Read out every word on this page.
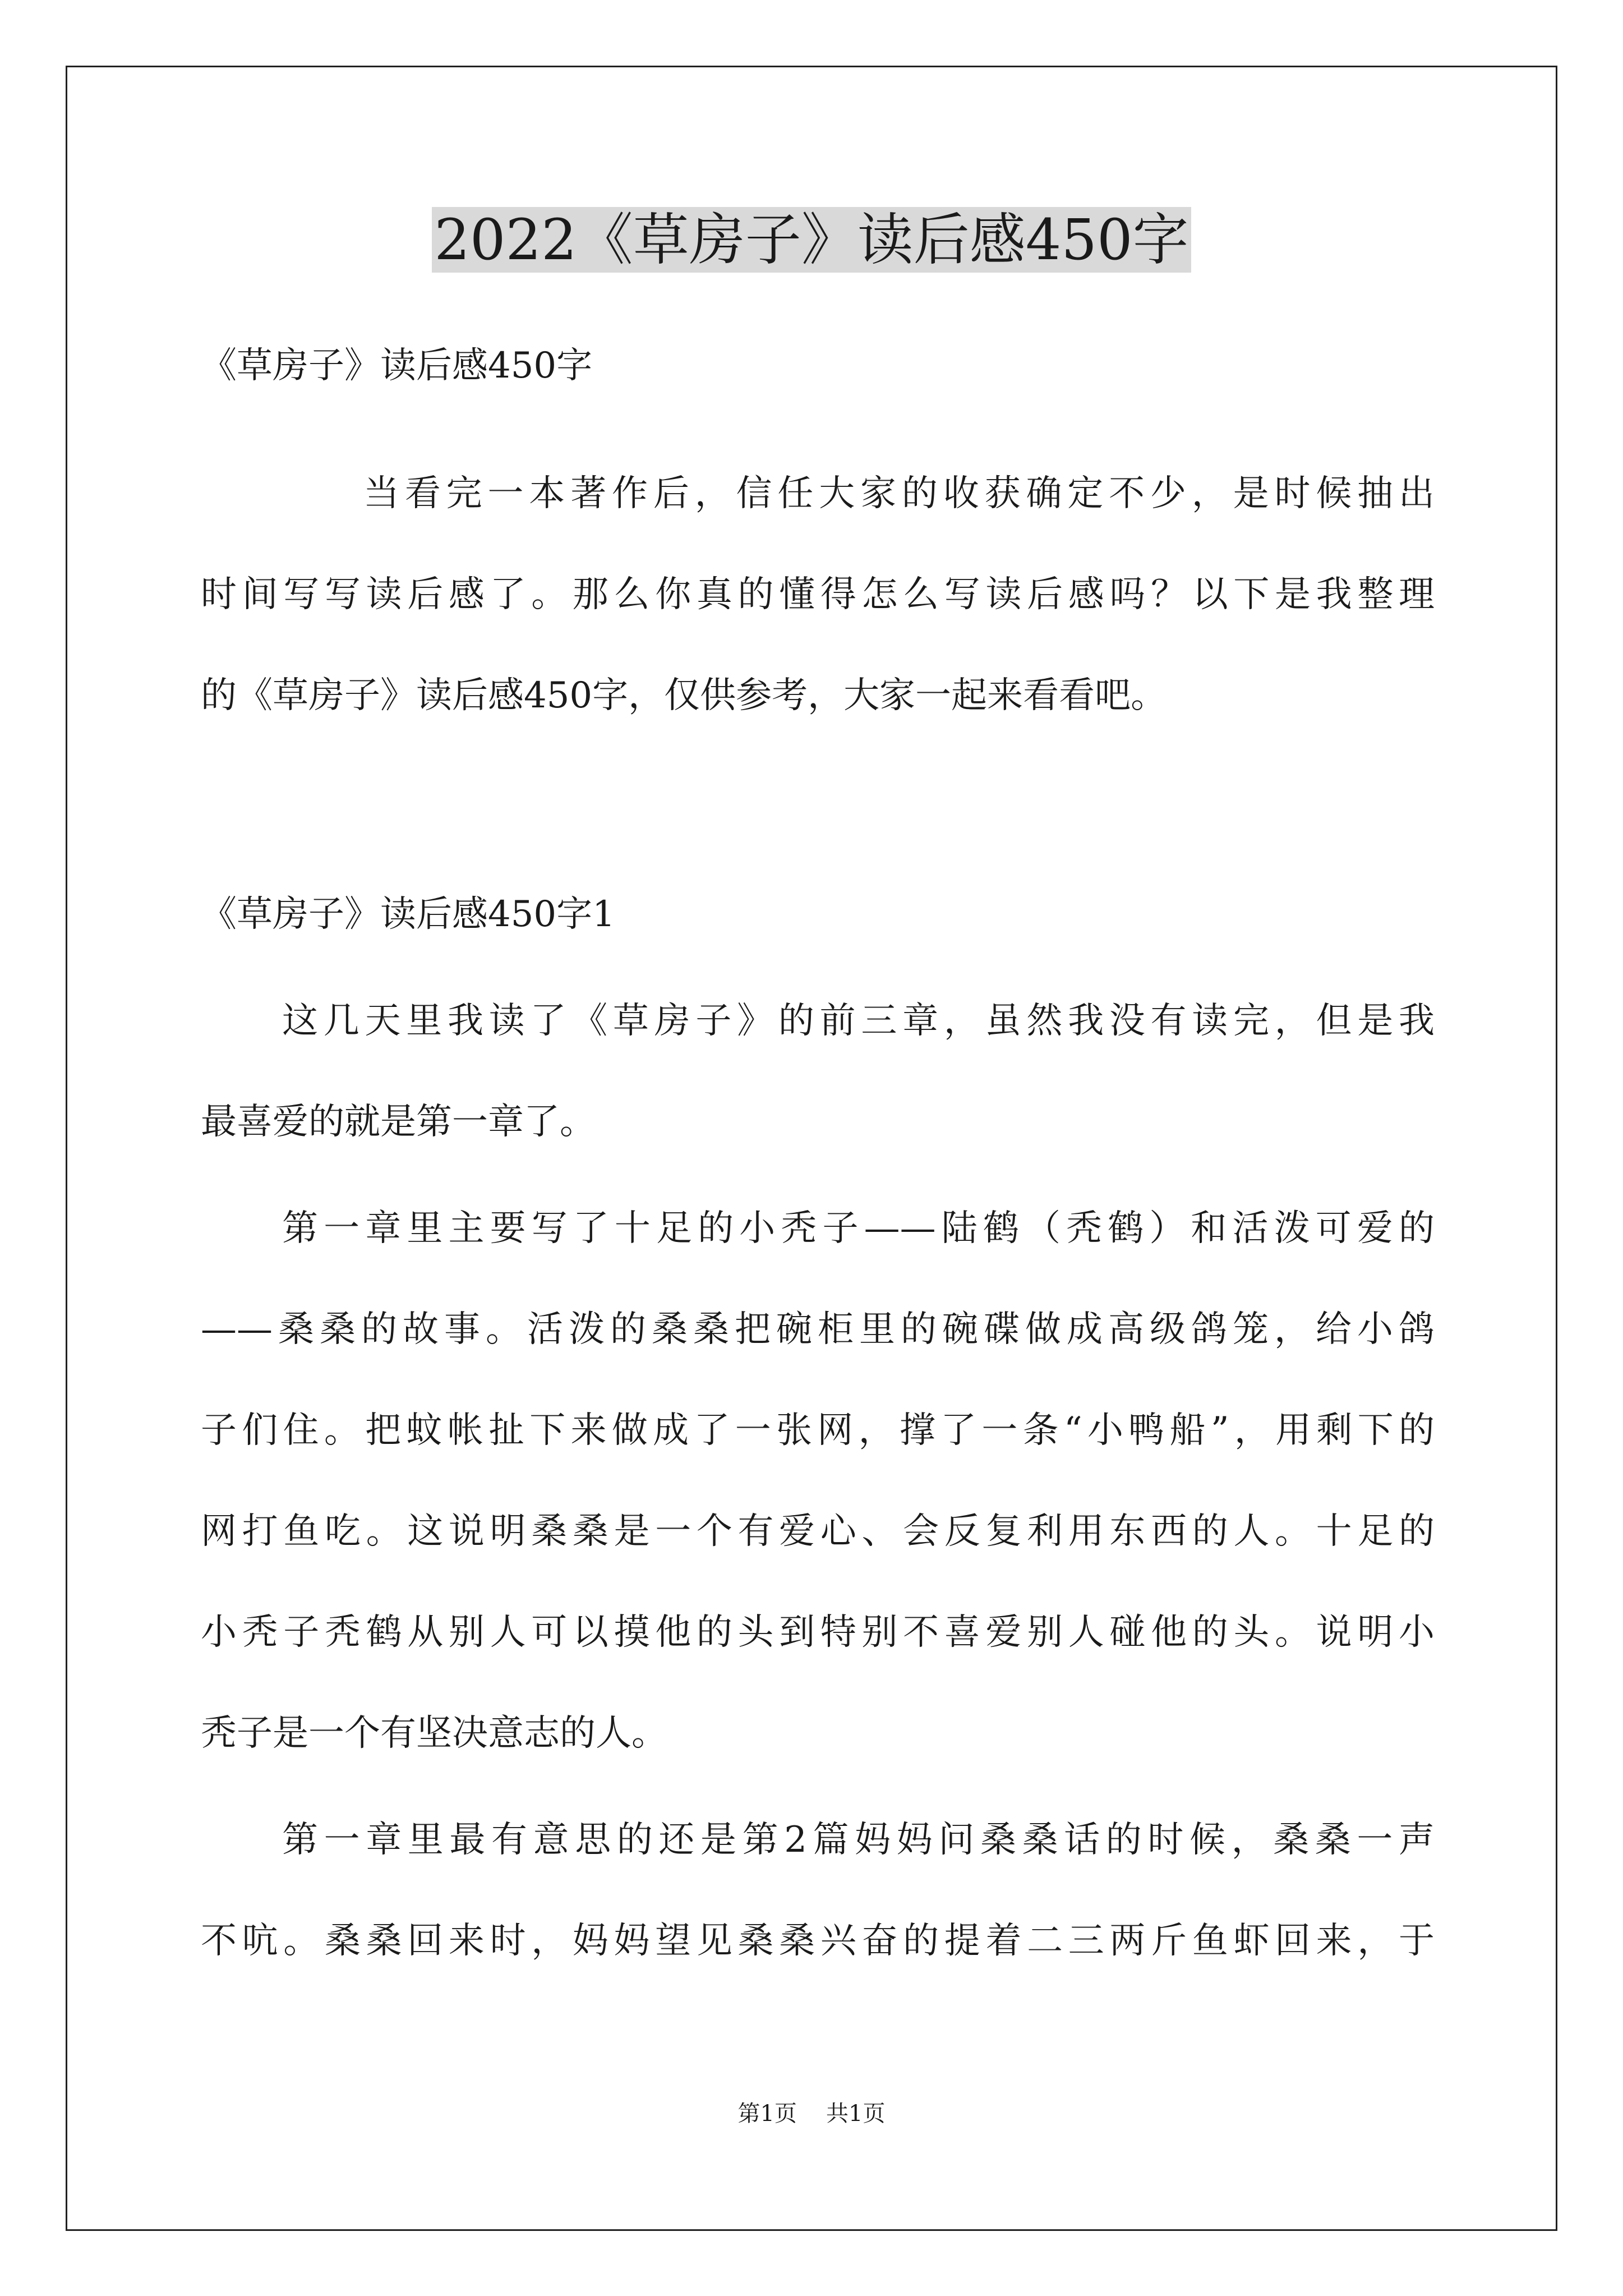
2022《草房子》读后感450字

《草房子》读后感450字

当看完一本著作后，信任大家的收获确定不少，是时候抽出

时间写写读后感了。那么你真的懂得怎么写读后感吗？以下是我整理

的《草房子》读后感450字，仅供参考，大家一起来看看吧。

《草房子》读后感450字1

这几天里我读了《草房子》的前三章，虽然我没有读完，但是我

最喜爱的就是第一章了。

第一章里主要写了十足的小秃子——陆鹤（秃鹤）和活泼可爱的

——桑桑的故事。活泼的桑桑把碗柜里的碗碟做成高级鸽笼，给小鸽

子们住。把蚊帐扯下来做成了一张网，撑了一条“小鸭船”，用剩下的

网打鱼吃。这说明桑桑是一个有爱心、会反复利用东西的人。十足的

小秃子秃鹤从别人可以摸他的头到特别不喜爱别人碰他的头。说明小

秃子是一个有坚决意志的人。

第一章里最有意思的还是第2篇妈妈问桑桑话的时候，桑桑一声

不吭。桑桑回来时，妈妈望见桑桑兴奋的提着二三两斤鱼虾回来，于

第1页 共1页
